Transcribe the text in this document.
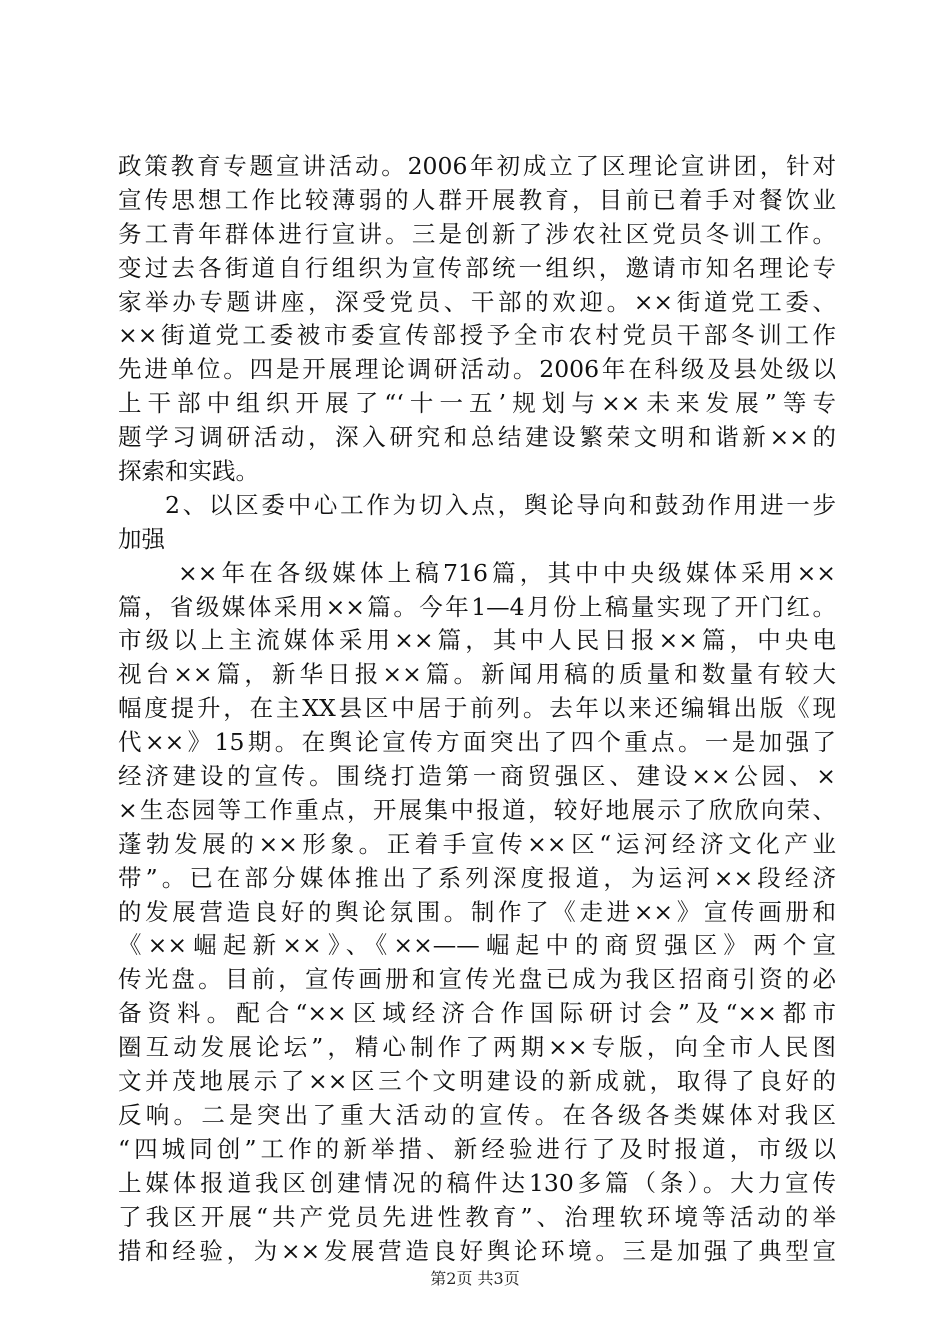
政策教育专题宣讲活动。2006年初成立了区理论宣讲团，针对
宣传思想工作比较薄弱的人群开展教育，目前已着手对餐饮业
务工青年群体进行宣讲。三是创新了涉农社区党员冬训工作。
变过去各街道自行组织为宣传部统一组织，邀请市知名理论专
家举办专题讲座，深受党员、干部的欢迎。××街道党工委、
××街道党工委被市委宣传部授予全市农村党员干部冬训工作
先进单位。四是开展理论调研活动。2006年在科级及县处级以
上干部中组织开展了“‘十一五’规划与××未来发展”等专
题学习调研活动，深入研究和总结建设繁荣文明和谐新××的
探索和实践。
2、以区委中心工作为切入点，舆论导向和鼓劲作用进一步
加强
××年在各级媒体上稿716篇，其中中央级媒体采用××
篇，省级媒体采用××篇。今年1—4月份上稿量实现了开门红。
市级以上主流媒体采用××篇，其中人民日报××篇，中央电
视台××篇，新华日报××篇。新闻用稿的质量和数量有较大
幅度提升，在主XX县区中居于前列。去年以来还编辑出版《现
代××》15期。在舆论宣传方面突出了四个重点。一是加强了
经济建设的宣传。围绕打造第一商贸强区、建设××公园、×
×生态园等工作重点，开展集中报道，较好地展示了欣欣向荣、
蓬勃发展的××形象。正着手宣传××区“运河经济文化产业
带”。已在部分媒体推出了系列深度报道，为运河××段经济
的发展营造良好的舆论氛围。制作了《走进××》宣传画册和
《××崛起新××》、《××——崛起中的商贸强区》两个宣
传光盘。目前，宣传画册和宣传光盘已成为我区招商引资的必
备资料。配合“××区域经济合作国际研讨会”及“××都市
圈互动发展论坛”，精心制作了两期××专版，向全市人民图
文并茂地展示了××区三个文明建设的新成就，取得了良好的
反响。二是突出了重大活动的宣传。在各级各类媒体对我区
“四城同创”工作的新举措、新经验进行了及时报道，市级以
上媒体报道我区创建情况的稿件达130多篇（条）。大力宣传
了我区开展“共产党员先进性教育”、治理软环境等活动的举
措和经验，为××发展营造良好舆论环境。三是加强了典型宣
第2页 共3页
